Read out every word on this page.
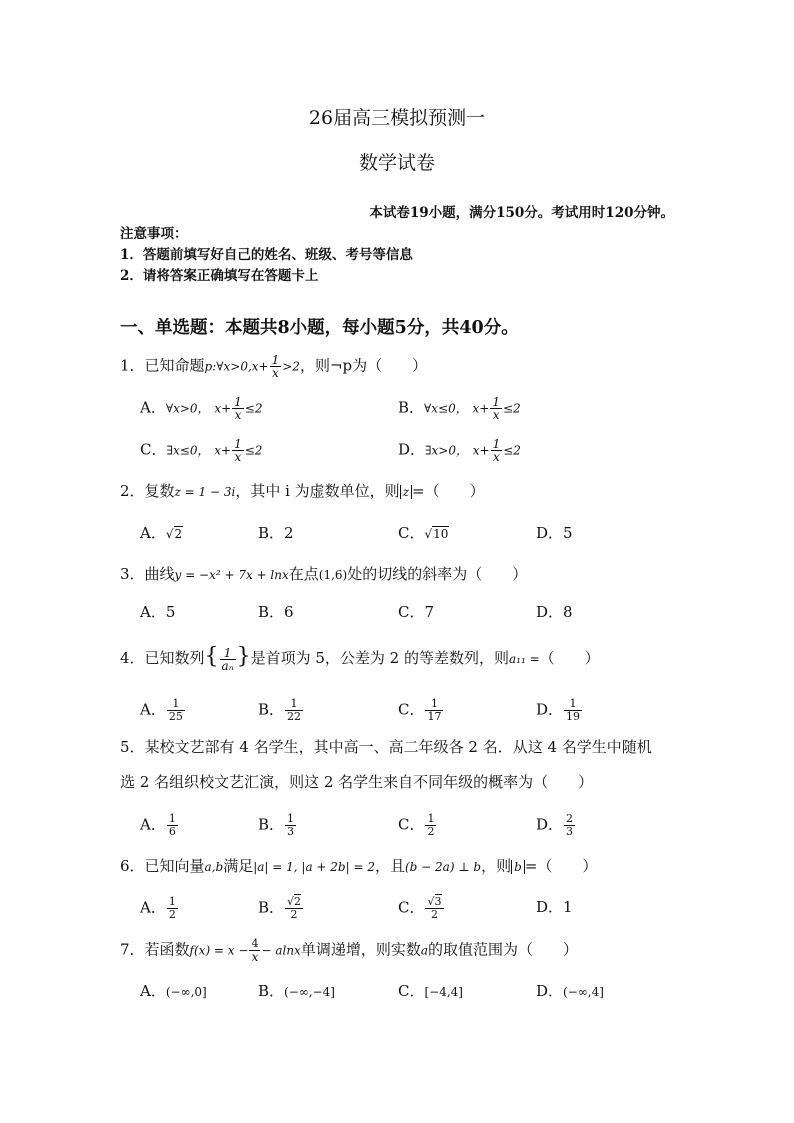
26届高三模拟预测一
数学试卷
本试卷19小题，满分150分。考试用时120分钟。
注意事项：
1．答题前填写好自己的姓名、班级、考号等信息
2．请将答案正确填写在答题卡上
一、单选题：本题共8小题，每小题5分，共40分。
1．已知命题p:∀x>0,x+ $\frac{1}{x} >2$，则¬p为（　　）
A．∀x>0， $x+ \frac{1}{x} \le 2$	B．∀x≤0， $x+ \frac{1}{x} \le 2$
C．∃x≤0， $x+ \frac{1}{x} \le 2$	D．∃x>0， $x+ \frac{1}{x} \le 2$
2．复数z = 1 − 3i，其中 i 为虚数单位，则 z =（　　）
A．√2	B．2	C．√10	D．5
3．曲线y = −x² + 7x + lnx在点(1,6)处的切线的斜率为（　　）
A．5	B．6	C．7	D．8
4．已知数列{ $\frac{1}{\text{aₙ}}$ }是首项为 5，公差为 2 的等差数列，则a₁₁ =（　　）
A． $\frac{1}{25}$	B． $\frac{1}{22}$	C． $\frac{1}{17}$	D． $\frac{1}{19}$
5．某校文艺部有 4 名学生，其中高一、高二年级各 2 名．从这 4 名学生中随机
选 2 名组织校文艺汇演，则这 2 名学生来自不同年级的概率为（　　）
A． $\frac{1}{6}$	B． $\frac{1}{3}$	C． $\frac{1}{2}$	D． $\frac{2}{3}$
6．已知向量a,b满足|a| = 1, |a + 2b| = 2，且(b − 2a) ⊥ b，则 b =（　　）
A． $\frac{1}{2}$	B． $\frac{√2}{2}$	C． $\frac{√3}{2}$	D．1
7．若函数$f(x) = x - \frac{4}{x} - alnx$单调递增，则实数a的取值范围为（　　）
A．(−∞,0]	B．(−∞,−4]	C．[−4,4]	D．(−∞,4]
